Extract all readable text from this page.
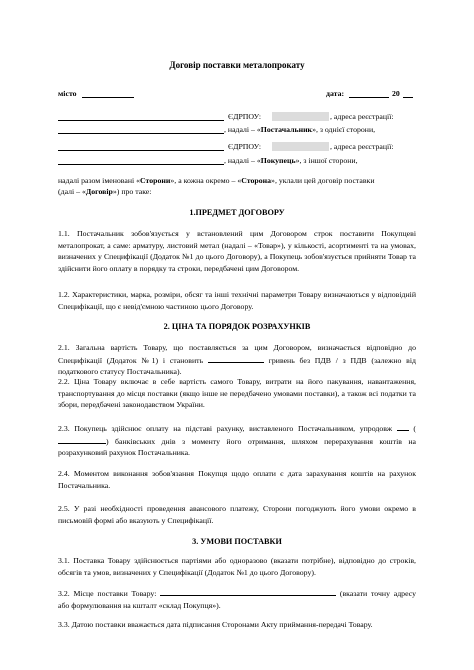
Договір поставки металопрокату
місто	дата:	20
ЄДРПОУ:	, адреса реєстрації:
, надалі – «Постачальник», з однієї сторони,
ЄДРПОУ:	, адреса реєстрації:
, надалі – «Покупець», з іншої сторони,
надалі разом іменовані «Сторони», а кожна окремо – «Сторона», уклали цей договір поставки
(далі – «Договір») про таке:
1.ПРЕДМЕТ ДОГОВОРУ
1.1. Постачальник зобов'язується у встановлений цим Договором строк поставити Покупцеві металопрокат, а саме: арматуру, листовий метал (надалі – «Товар»), у кількості, асортименті та на умовах, визначених у Специфікації (Додаток №1 до цього Договору), а Покупець зобов'язується прийняти Товар та здійснити його оплату в порядку та строки, передбачені цим Договором.
1.2. Характеристики, марка, розміри, обсяг та інші технічні параметри Товару визначаються у відповідній Специфікації, що є невід'ємною частиною цього Договору.
2. ЦІНА ТА ПОРЯДОК РОЗРАХУНКІВ
2.1. Загальна вартість Товару, що поставляється за цим Договором, визначається відповідно до Специфікації (Додаток №1) і становить	гривень без ПДВ / з ПДВ (залежно від податкового статусу Постачальника).
2.2. Ціна Товару включає в себе вартість самого Товару, витрати на його пакування, навантаження, транспортування до місця поставки (якщо інше не передбачено умовами поставки), а також всі податки та збори, передбачені законодавством України.
2.3. Покупець здійснює оплату на підставі рахунку, виставленого Постачальником, упродовж	() банківських днів з моменту його отримання, шляхом перерахування коштів на розрахунковий рахунок Постачальника.
2.4. Моментом виконання зобов'язання Покупця щодо оплати є дата зарахування коштів на рахунок Постачальника.
2.5. У разі необхідності проведення авансового платежу, Сторони погоджують його умови окремо в письмовій формі або вказують у Специфікації.
3. УМОВИ ПОСТАВКИ
3.1. Поставка Товару здійснюється партіями або одноразово (вказати потрібне), відповідно до строків, обсягів та умов, визначених у Специфікації (Додаток №1 до цього Договору).
3.2. Місце поставки Товару:	(вказати точну адресу або формулювання на кшталт «склад Покупця»).
3.3. Датою поставки вважається дата підписання Сторонами Акту приймання-передачі Товару.
